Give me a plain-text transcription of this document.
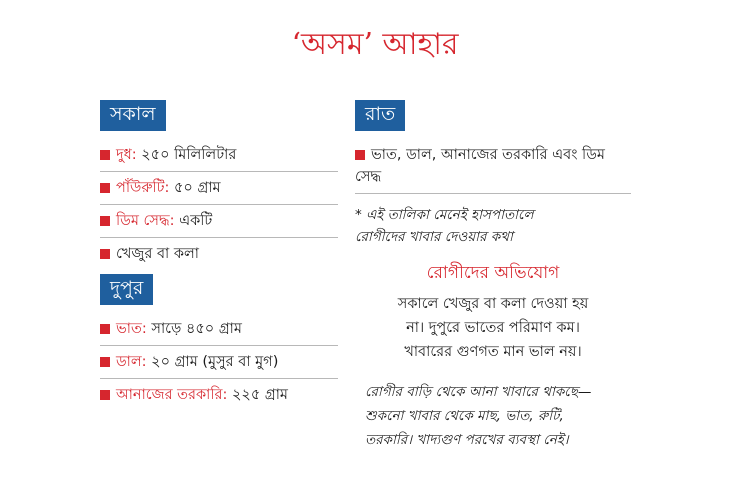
‘অসম’ আহার
সকাল
দুধ: ২৫০ মিলিলিটার
পাঁউরুটি: ৫০ গ্রাম
ডিম সেদ্ধ: একটি
খেজুর বা কলা
দুপুর
ভাত: সাড়ে ৪৫০ গ্রাম
ডাল: ২০ গ্রাম (মুসুর বা মুগ)
আনাজের তরকারি: ২২৫ গ্রাম
রাত
ভাত, ডাল, আনাজের তরকারি এবং ডিম সেদ্ধ
* এই তালিকা মেনেই হাসপাতালে
রোগীদের খাবার দেওয়ার কথা
রোগীদের অভিযোগ
সকালে খেজুর বা কলা দেওয়া হয়
না। দুপুরে ভাতের পরিমাণ কম।
খাবারের গুণগত মান ভাল নয়।
রোগীর বাড়ি থেকে আনা খাবারে থাকছে—
শুকনো খাবার থেকে মাছ, ভাত, রুটি,
তরকারি। খাদ্যগুণ পরখের ব্যবস্থা নেই।
